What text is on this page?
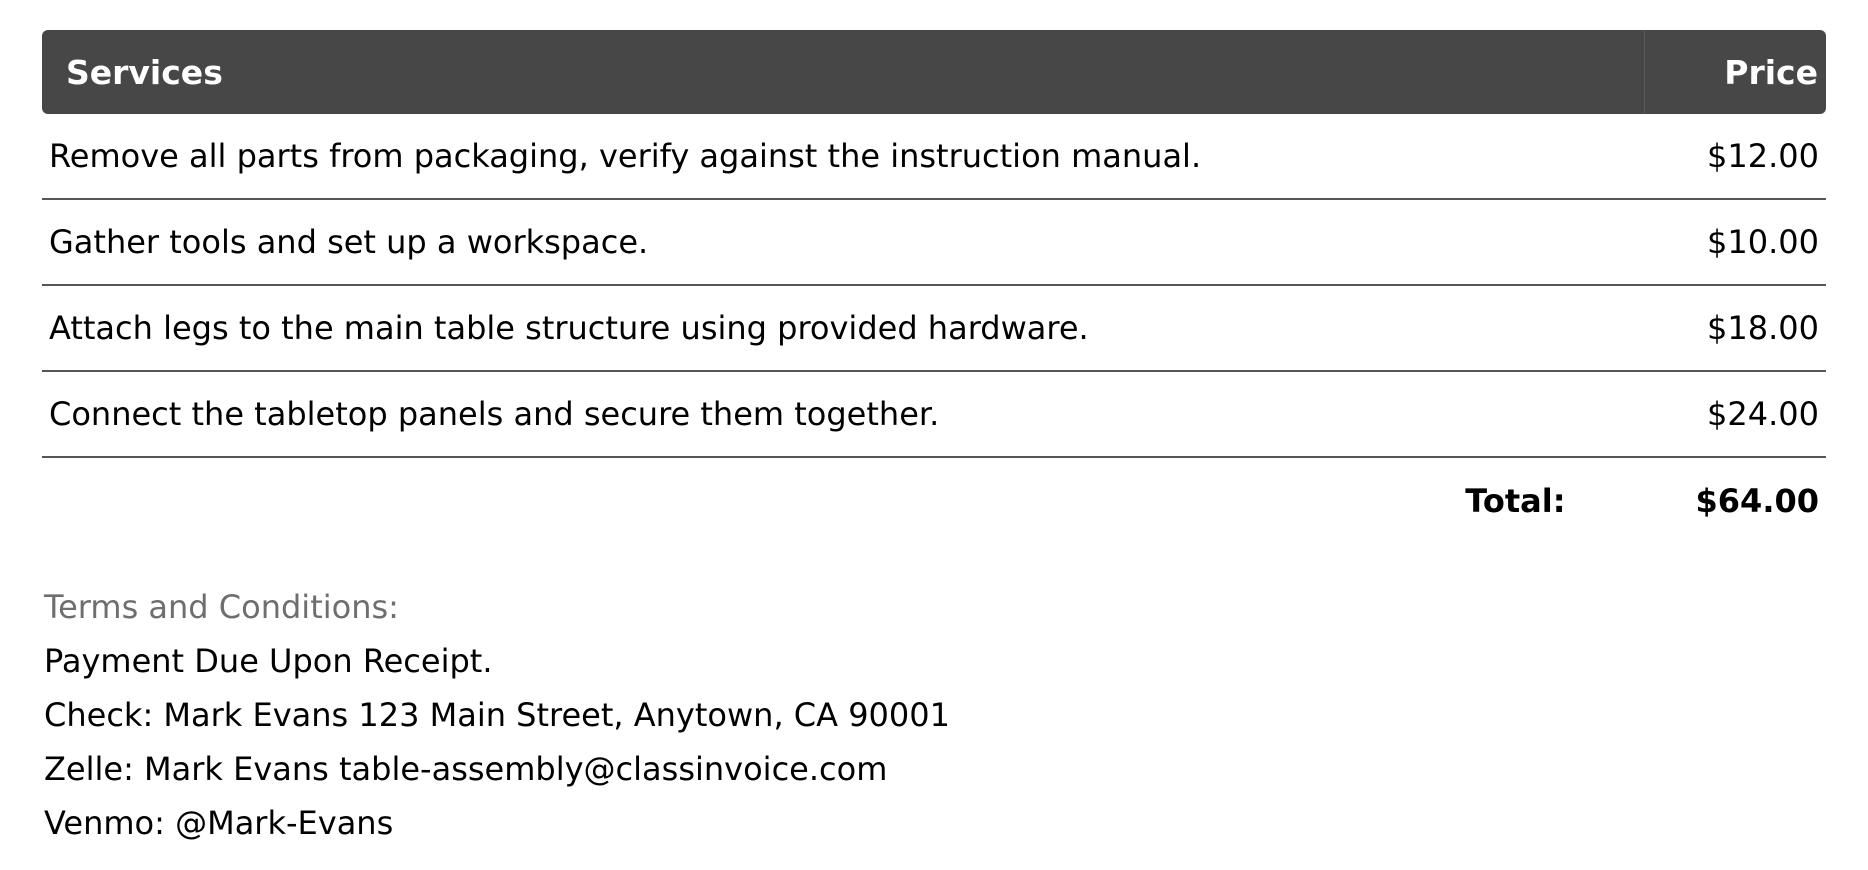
Services	Price
Remove all parts from packaging, verify against the instruction manual.	$12.00
Gather tools and set up a workspace.	$10.00
Attach legs to the main table structure using provided hardware.	$18.00
Connect the tabletop panels and secure them together.	$24.00
Total:	$64.00
Terms and Conditions:
Payment Due Upon Receipt.
Check: Mark Evans 123 Main Street, Anytown, CA 90001
Zelle: Mark Evans table-assembly@classinvoice.com
Venmo: @Mark-Evans
